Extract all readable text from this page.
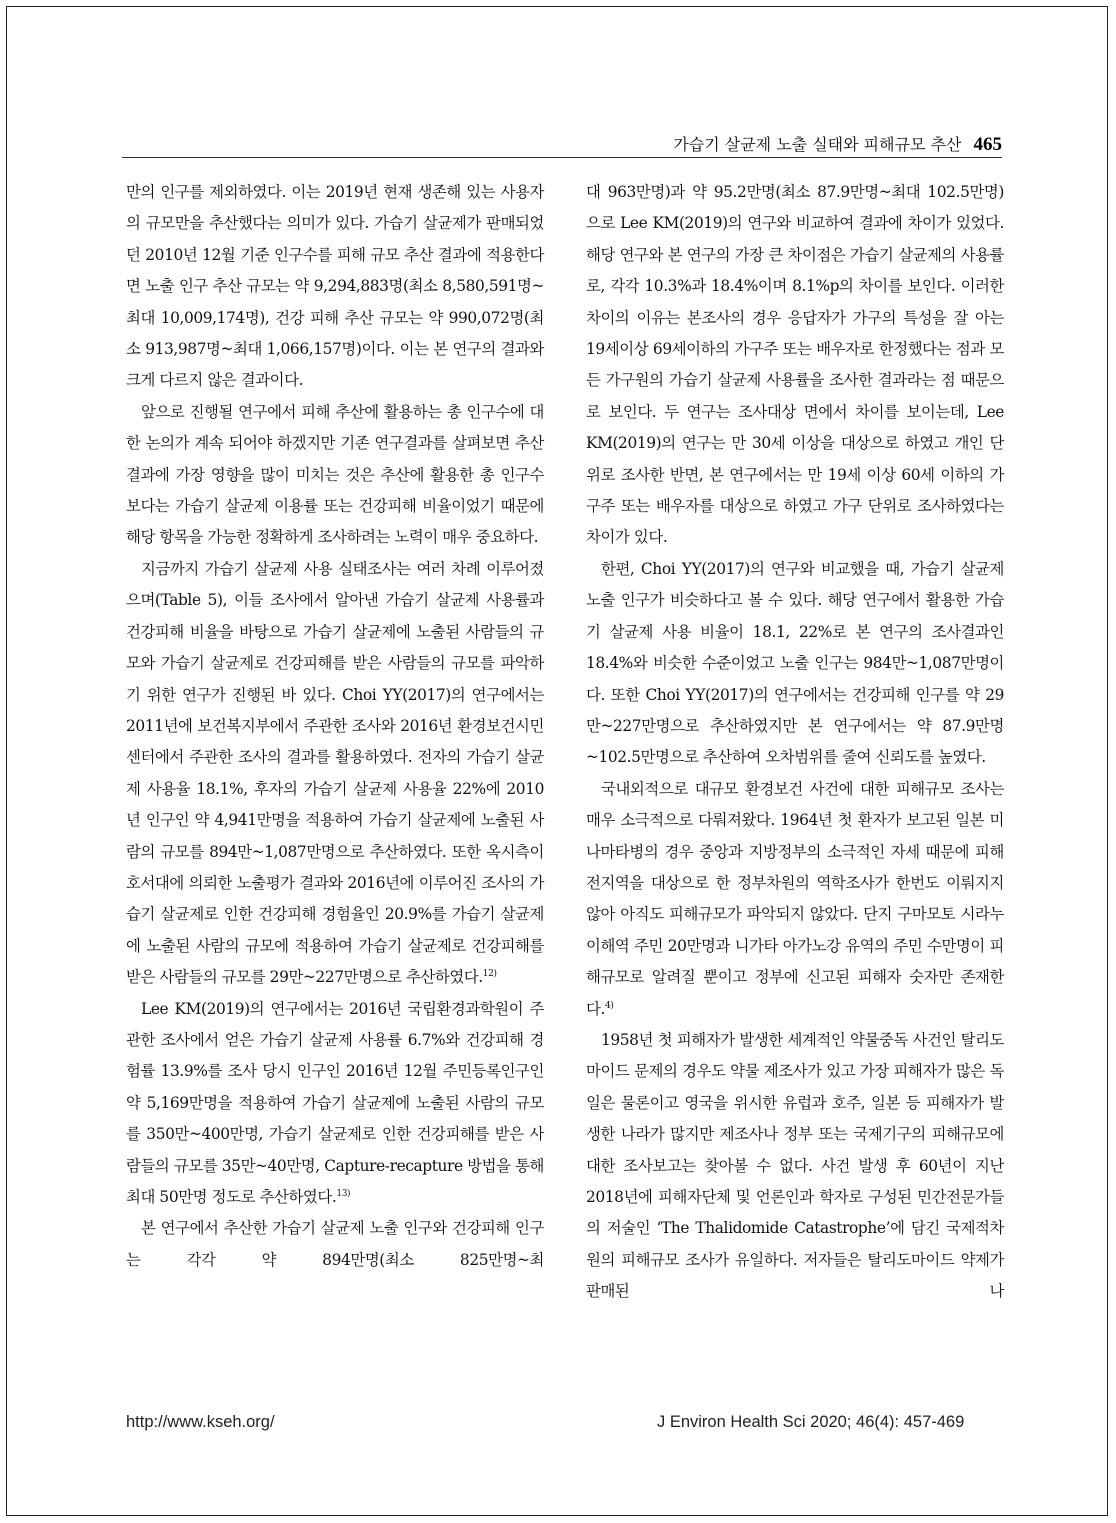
가습기 살균제 노출 실태와 피해규모 추산 465

만의 인구를 제외하였다. 이는 2019년 현재 생존해 있는 사용자의 규모만을 추산했다는 의미가 있다. 가습기 살균제가 판매되었던 2010년 12월 기준 인구수를 피해 규모 추산 결과에 적용한다면 노출 인구 추산 규모는 약 9,294,883명(최소 8,580,591명~최대 10,009,174명), 건강 피해 추산 규모는 약 990,072명(최소 913,987명~최대 1,066,157명)이다. 이는 본 연구의 결과와 크게 다르지 않은 결과이다.

앞으로 진행될 연구에서 피해 추산에 활용하는 총 인구수에 대한 논의가 계속 되어야 하겠지만 기존 연구결과를 살펴보면 추산 결과에 가장 영향을 많이 미치는 것은 추산에 활용한 총 인구수 보다는 가습기 살균제 이용률 또는 건강피해 비율이었기 때문에 해당 항목을 가능한 정확하게 조사하려는 노력이 매우 중요하다.

지금까지 가습기 살균제 사용 실태조사는 여러 차례 이루어졌으며(Table 5), 이들 조사에서 알아낸 가습기 살균제 사용률과 건강피해 비율을 바탕으로 가습기 살균제에 노출된 사람들의 규모와 가습기 살균제로 건강피해를 받은 사람들의 규모를 파악하기 위한 연구가 진행된 바 있다. Choi YY(2017)의 연구에서는 2011년에 보건복지부에서 주관한 조사와 2016년 환경보건시민센터에서 주관한 조사의 결과를 활용하였다. 전자의 가습기 살균제 사용율 18.1%, 후자의 가습기 살균제 사용율 22%에 2010년 인구인 약 4,941만명을 적용하여 가습기 살균제에 노출된 사람의 규모를 894만~1,087만명으로 추산하였다. 또한 옥시측이 호서대에 의뢰한 노출평가 결과와 2016년에 이루어진 조사의 가습기 살균제로 인한 건강피해 경험율인 20.9%를 가습기 살균제에 노출된 사람의 규모에 적용하여 가습기 살균제로 건강피해를 받은 사람들의 규모를 29만~227만명으로 추산하였다.$^{12)}$

Lee KM(2019)의 연구에서는 2016년 국립환경과학원이 주관한 조사에서 얻은 가습기 살균제 사용률 6.7%와 건강피해 경험률 13.9%를 조사 당시 인구인 2016년 12월 주민등록인구인 약 5,169만명을 적용하여 가습기 살균제에 노출된 사람의 규모를 350만~400만명, 가습기 살균제로 인한 건강피해를 받은 사람들의 규모를 35만~40만명, Capture-recapture 방법을 통해 최대 50만명 정도로 추산하였다.$^{13)}$

본 연구에서 추산한 가습기 살균제 노출 인구와 건강피해 인구는 각각 약 894만명(최소 825만명~최

대 963만명)과 약 95.2만명(최소 87.9만명~최대 102.5만명)으로 Lee KM(2019)의 연구와 비교하여 결과에 차이가 있었다. 해당 연구와 본 연구의 가장 큰 차이점은 가습기 살균제의 사용률로, 각각 10.3%과 18.4%이며 8.1%p의 차이를 보인다. 이러한 차이의 이유는 본조사의 경우 응답자가 가구의 특성을 잘 아는 19세이상 69세이하의 가구주 또는 배우자로 한정했다는 점과 모든 가구원의 가습기 살균제 사용률을 조사한 결과라는 점 때문으로 보인다. 두 연구는 조사대상 면에서 차이를 보이는데, Lee KM(2019)의 연구는 만 30세 이상을 대상으로 하였고 개인 단위로 조사한 반면, 본 연구에서는 만 19세 이상 60세 이하의 가구주 또는 배우자를 대상으로 하였고 가구 단위로 조사하였다는 차이가 있다.

한편, Choi YY(2017)의 연구와 비교했을 때, 가습기 살균제 노출 인구가 비슷하다고 볼 수 있다. 해당 연구에서 활용한 가습기 살균제 사용 비율이 18.1, 22%로 본 연구의 조사결과인 18.4%와 비슷한 수준이었고 노출 인구는 984만~1,087만명이다. 또한 Choi YY(2017)의 연구에서는 건강피해 인구를 약 29만~227만명으로 추산하였지만 본 연구에서는 약 87.9만명~102.5만명으로 추산하여 오차범위를 줄여 신뢰도를 높였다.

국내외적으로 대규모 환경보건 사건에 대한 피해규모 조사는 매우 소극적으로 다뤄져왔다. 1964년 첫 환자가 보고된 일본 미나마타병의 경우 중앙과 지방정부의 소극적인 자세 때문에 피해 전지역을 대상으로 한 정부차원의 역학조사가 한번도 이뤄지지 않아 아직도 피해규모가 파악되지 않았다. 단지 구마모토 시라누이해역 주민 20만명과 니가타 아가노강 유역의 주민 수만명이 피해규모로 알려질 뿐이고 정부에 신고된 피해자 숫자만 존재한다.$^{4)}$

1958년 첫 피해자가 발생한 세계적인 약물중독 사건인 탈리도마이드 문제의 경우도 약물 제조사가 있고 가장 피해자가 많은 독일은 물론이고 영국을 위시한 유럽과 호주, 일본 등 피해자가 발생한 나라가 많지만 제조사나 정부 또는 국제기구의 피해규모에 대한 조사보고는 찾아볼 수 없다. 사건 발생 후 60년이 지난 2018년에 피해자단체 및 언론인과 학자로 구성된 민간전문가들의 저술인 ‘The Thalidomide Catastrophe’에 담긴 국제적차원의 피해규모 조사가 유일하다. 저자들은 탈리도마이드 약제가 판매된 나

http://www.kseh.org/	J Environ Health Sci 2020; 46(4): 457-469
